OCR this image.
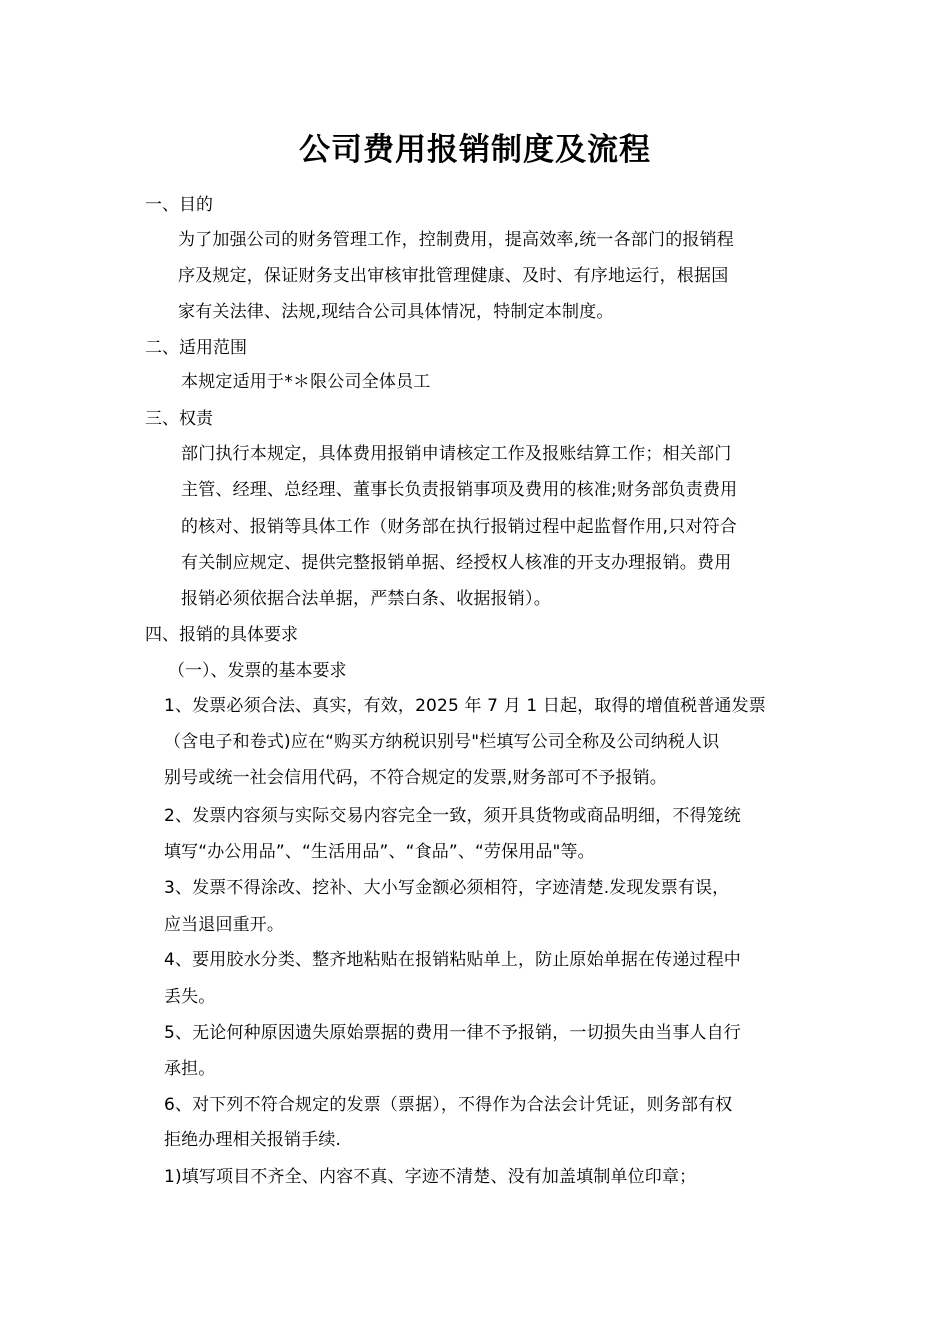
公司费用报销制度及流程
一、目的
为了加强公司的财务管理工作，控制费用，提高效率,统一各部门的报销程
序及规定，保证财务支出审核审批管理健康、及时、有序地运行，根据国
家有关法律、法规,现结合公司具体情况，特制定本制度。
二、适用范围
本规定适用于*＊限公司全体员工
三、权责
部门执行本规定，具体费用报销申请核定工作及报账结算工作；相关部门
主管、经理、总经理、董事长负责报销事项及费用的核准;财务部负责费用
的核对、报销等具体工作（财务部在执行报销过程中起监督作用,只对符合
有关制应规定、提供完整报销单据、经授权人核准的开支办理报销。费用
报销必须依据合法单据，严禁白条、收据报销）。
四、报销的具体要求
（一）、发票的基本要求
1、发票必须合法、真实，有效，2025 年 7 月 1 日起，取得的增值税普通发票
（含电子和卷式)应在“购买方纳税识别号"栏填写公司全称及公司纳税人识
别号或统一社会信用代码，不符合规定的发票,财务部可不予报销。
2、发票内容须与实际交易内容完全一致，须开具货物或商品明细，不得笼统
填写“办公用品”、“生活用品”、“食品”、“劳保用品"等。
3、发票不得涂改、挖补、大小写金额必须相符，字迹清楚.发现发票有误，
应当退回重开。
4、要用胶水分类、整齐地粘贴在报销粘贴单上，防止原始单据在传递过程中
丢失。
5、无论何种原因遗失原始票据的费用一律不予报销，一切损失由当事人自行
承担。
6、对下列不符合规定的发票（票据），不得作为合法会计凭证，则务部有权
拒绝办理相关报销手续.
1)填写项目不齐全、内容不真、字迹不清楚、没有加盖填制单位印章；
